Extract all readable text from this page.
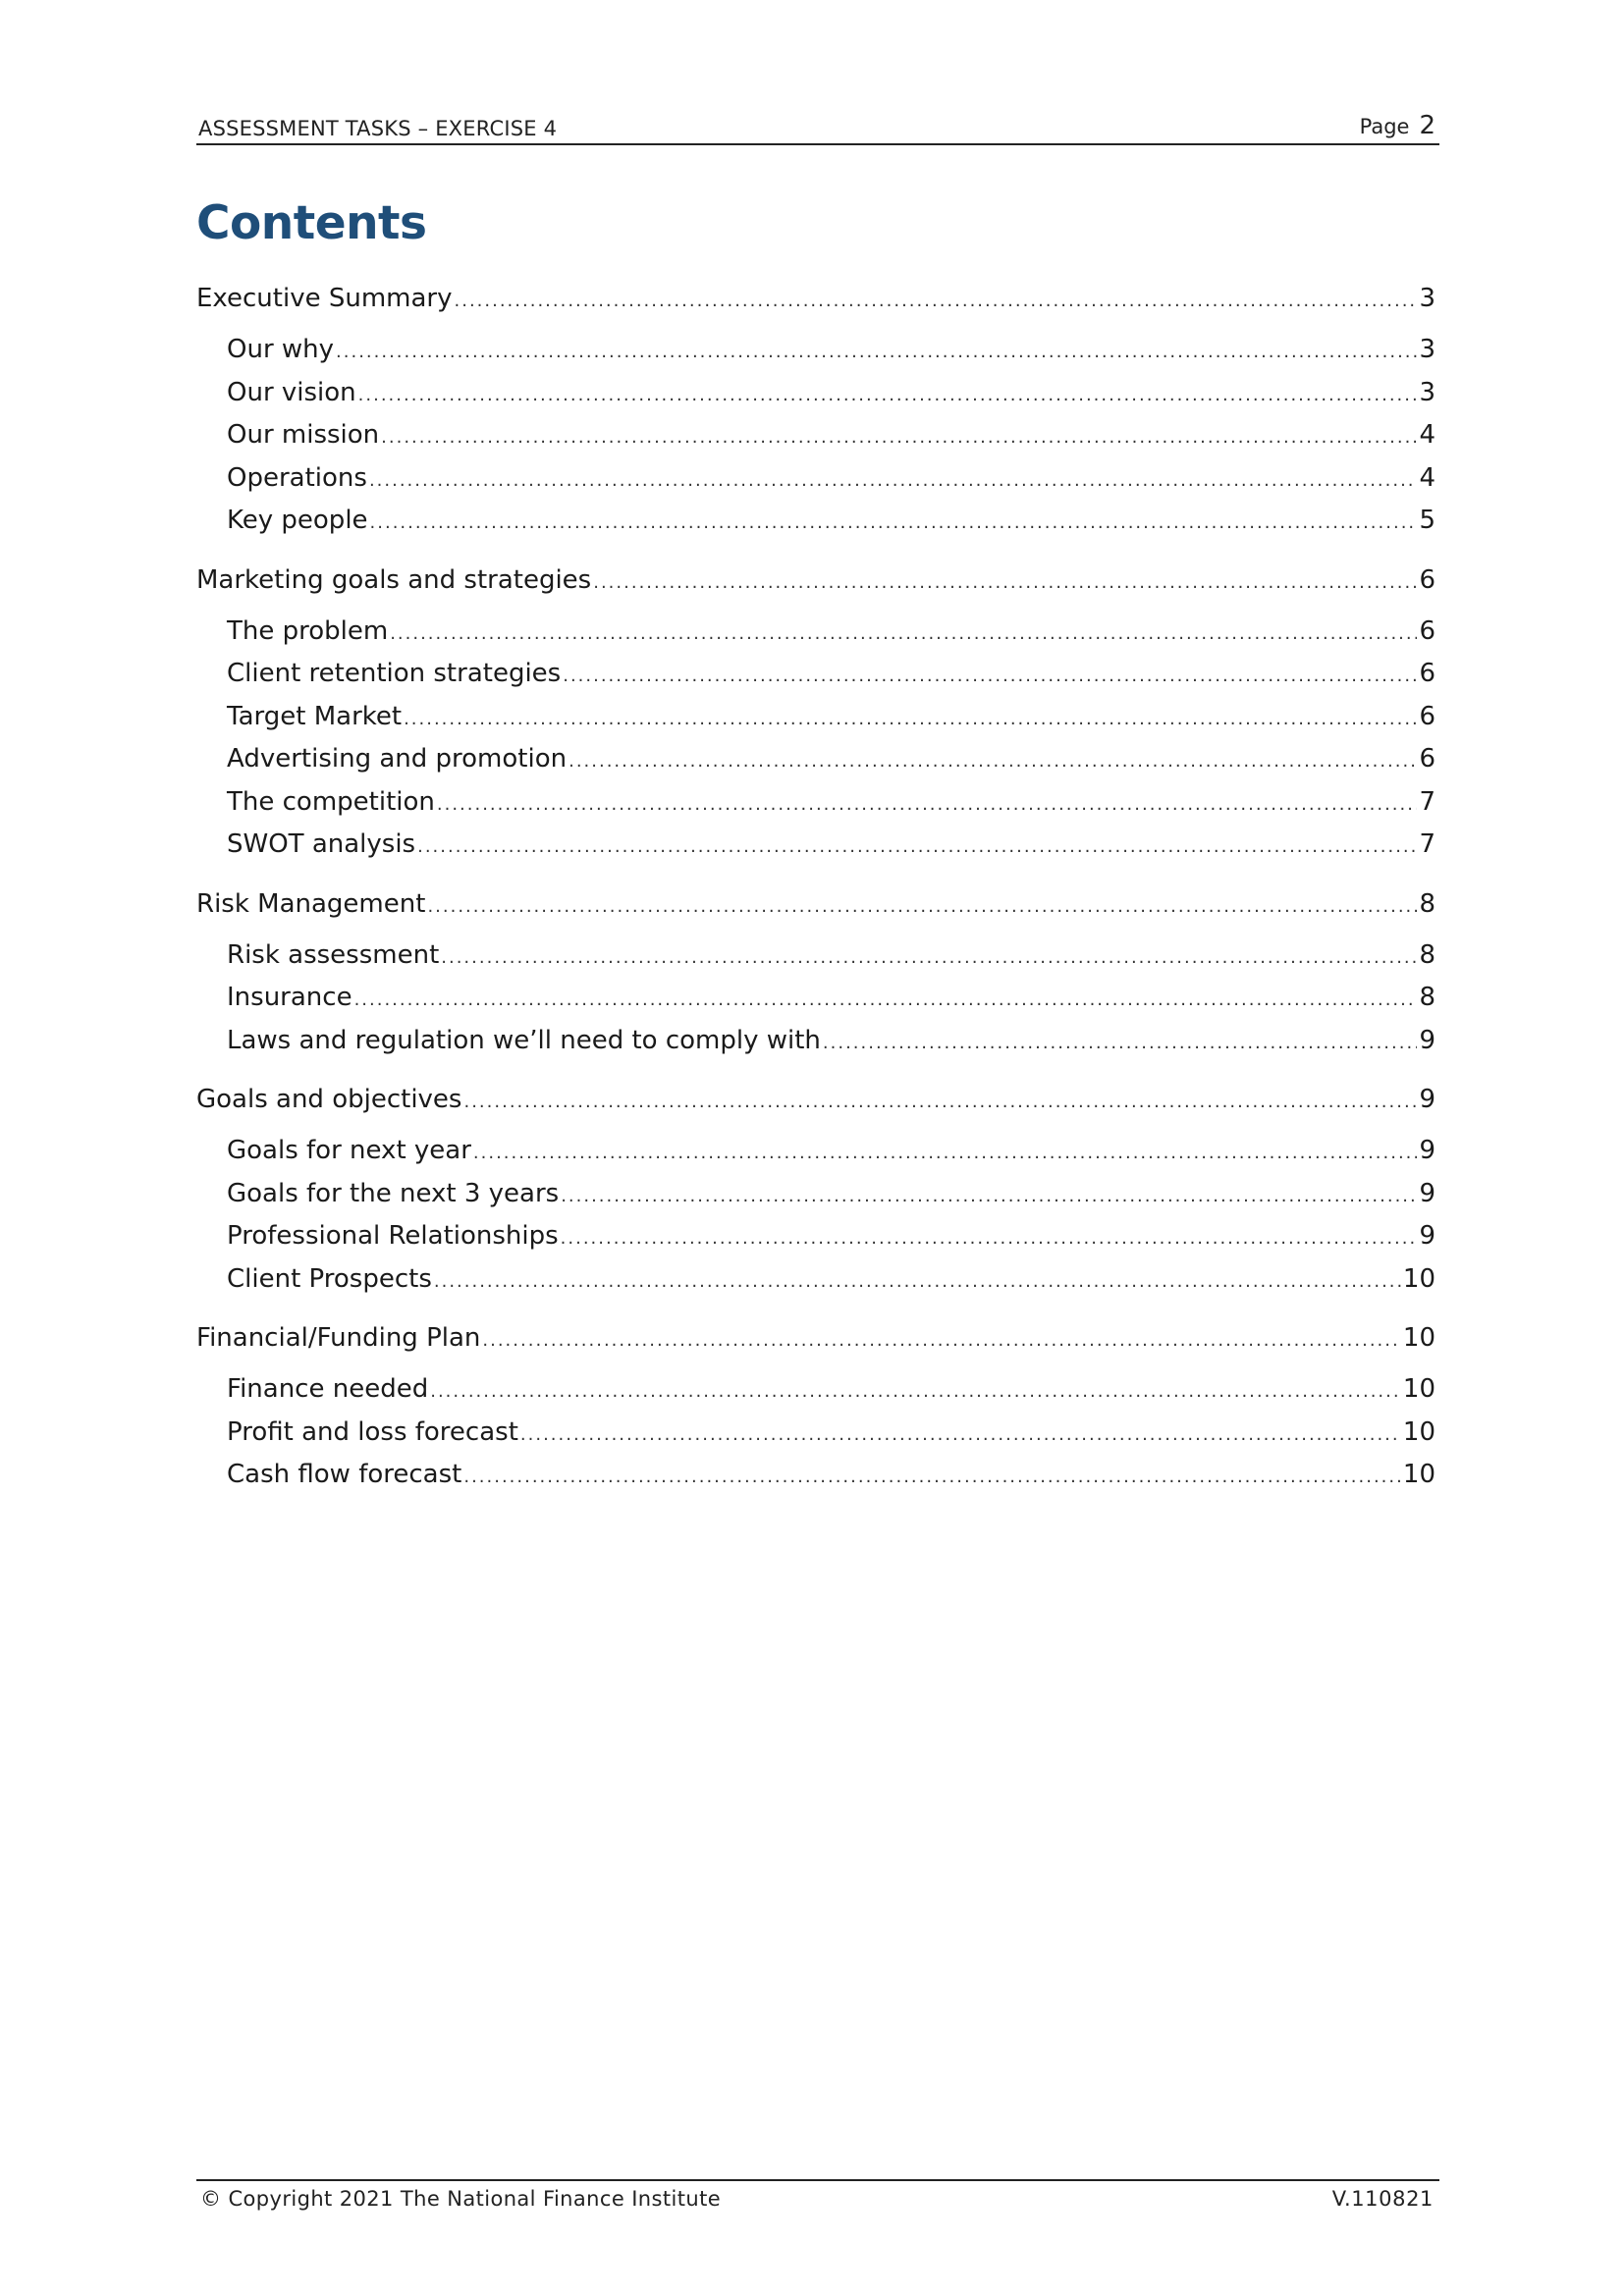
ASSESSMENT TASKS – EXERCISE 4	Page 2
Contents
Executive Summary .....	3
Our why .....	3
Our vision .....	3
Our mission .....	4
Operations .....	4
Key people .....	5
Marketing goals and strategies .....	6
The problem .....	6
Client retention strategies .....	6
Target Market .....	6
Advertising and promotion .....	6
The competition .....	7
SWOT analysis .....	7
Risk Management .....	8
Risk assessment .....	8
Insurance .....	8
Laws and regulation we’ll need to comply with .....	9
Goals and objectives .....	9
Goals for next year .....	9
Goals for the next 3 years .....	9
Professional Relationships .....	9
Client Prospects .....	10
Financial/Funding Plan .....	10
Finance needed .....	10
Profit and loss forecast .....	10
Cash flow forecast .....	10
© Copyright 2021 The National Finance Institute	V.110821
